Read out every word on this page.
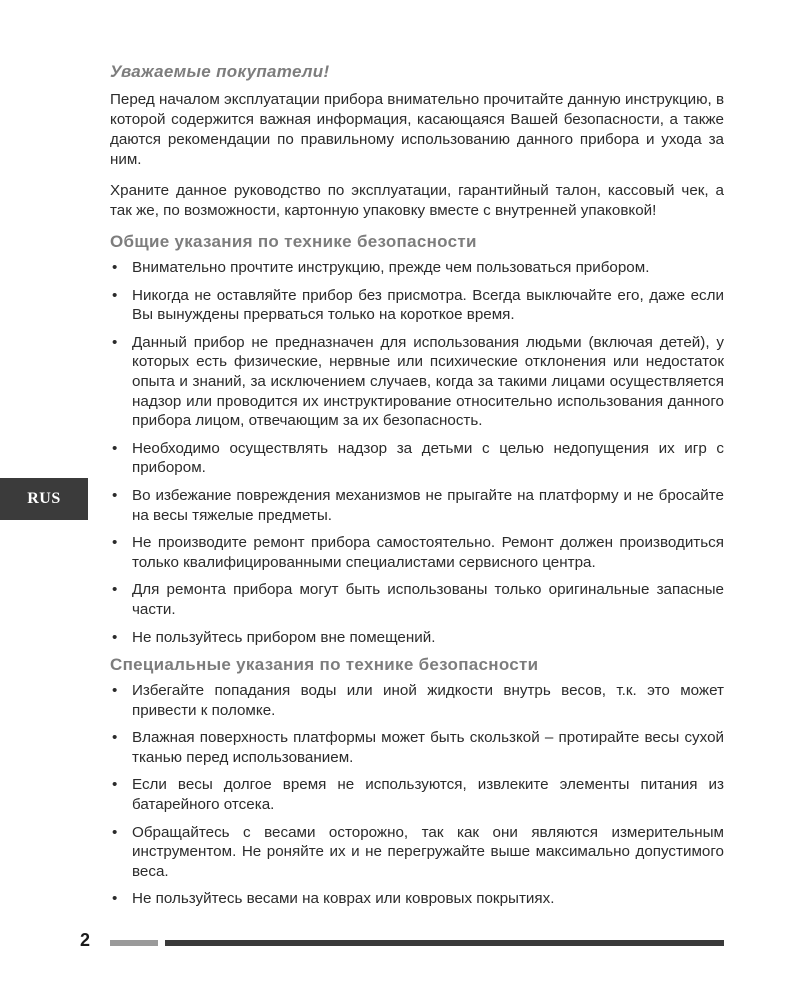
Уважаемые покупатели!

Перед началом эксплуатации прибора внимательно прочитайте данную инструкцию, в которой содержится важная информация, касающаяся Вашей безопасности, а также даются рекомендации по правильному использованию данного прибора и ухода за ним.

Храните данное руководство по эксплуатации, гарантийный талон, кассовый чек, а так же, по возможности, картонную упаковку вместе с внутренней упаковкой!

Общие указания по технике безопасности
• Внимательно прочтите инструкцию, прежде чем пользоваться прибором.
• Никогда не оставляйте прибор без присмотра. Всегда выключайте его, даже если Вы вынуждены прерваться только на короткое время.
• Данный прибор не предназначен для использования людьми (включая детей), у которых есть физические, нервные или психические отклонения или недостаток опыта и знаний, за исключением случаев, когда за такими лицами осуществляется надзор или проводится их инструктирование относительно использования данного прибора лицом, отвечающим за их безопасность.
• Необходимо осуществлять надзор за детьми с целью недопущения их игр с прибором.
• Во избежание повреждения механизмов не прыгайте на платформу и не бросайте на весы тяжелые предметы.
• Не производите ремонт прибора самостоятельно. Ремонт должен производиться только квалифицированными специалистами сервисного центра.
• Для ремонта прибора могут быть использованы только оригинальные запасные части.
• Не пользуйтесь прибором вне помещений.
Специальные указания по технике безопасности
• Избегайте попадания воды или иной жидкости внутрь весов, т.к. это может привести к поломке.
• Влажная поверхность платформы может быть скользкой – протирайте весы сухой тканью перед использованием.
• Если весы долгое время не используются, извлеките элементы питания из батарейного отсека.
• Обращайтесь с весами осторожно, так как они являются измерительным инструментом. Не роняйте их и не перегружайте выше максимально допустимого веса.
• Не пользуйтесь весами на коврах или ковровых покрытиях.
RUS
2
